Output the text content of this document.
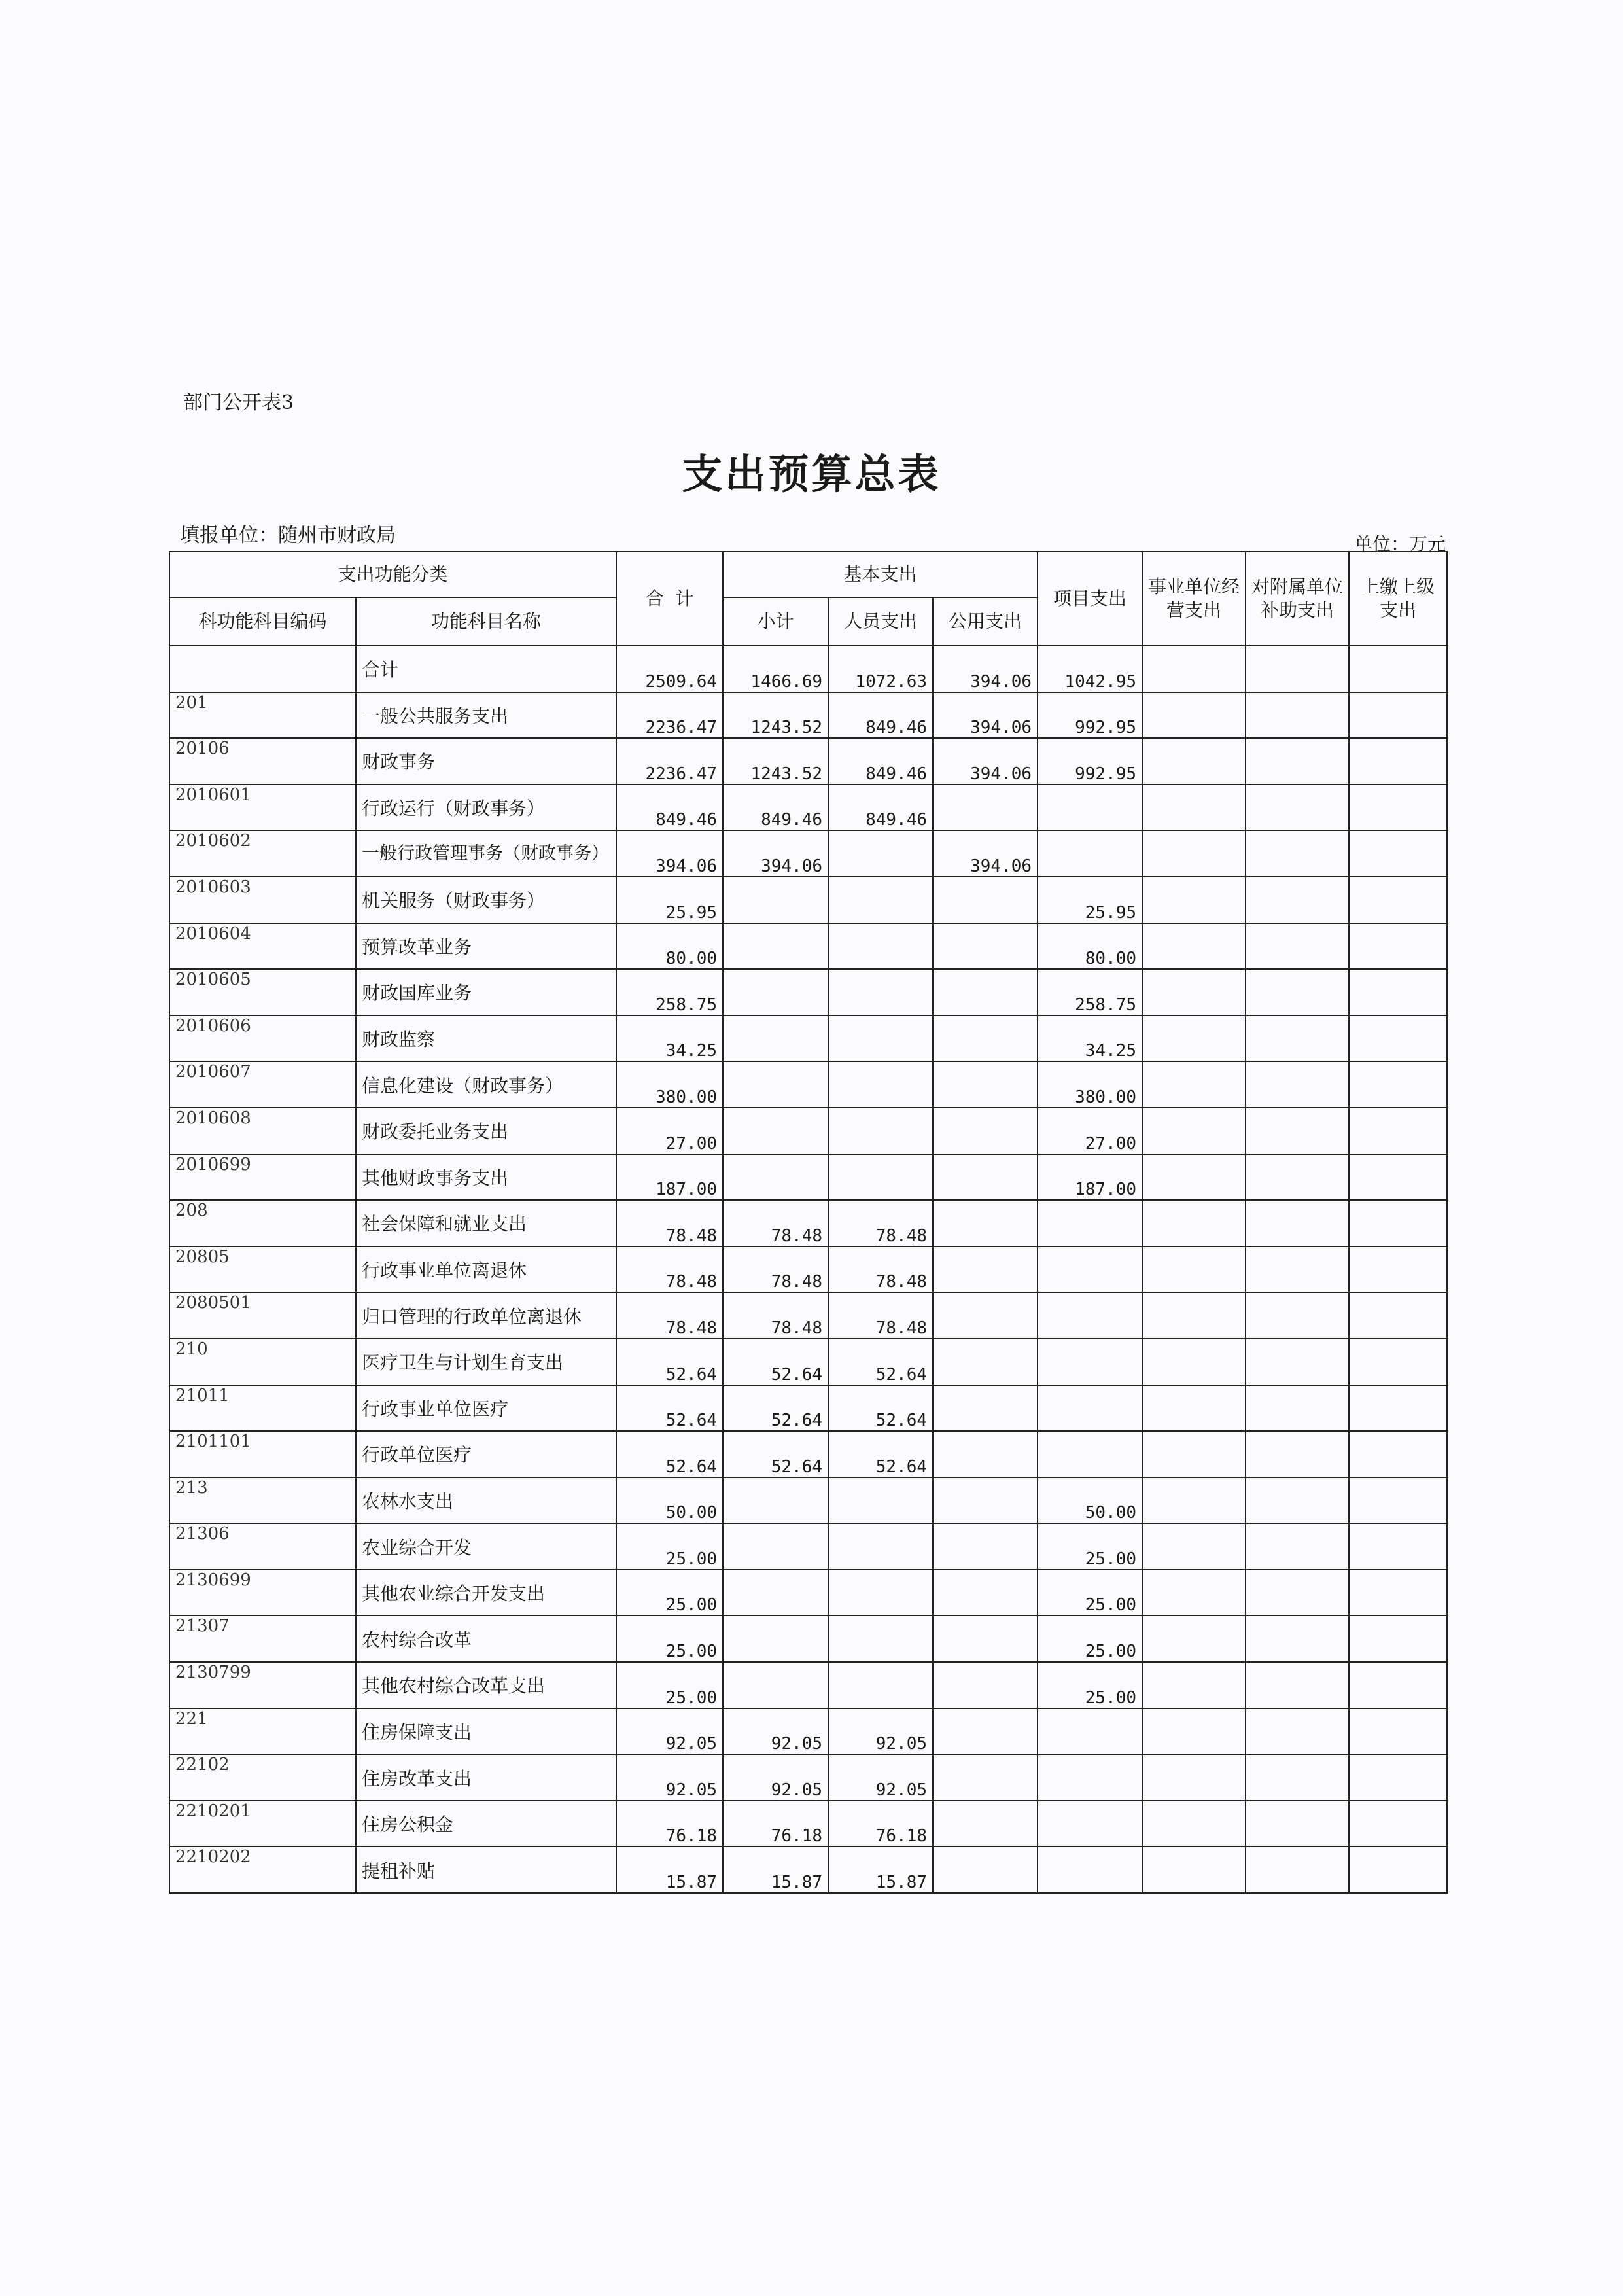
部门公开表3
支出预算总表
填报单位：随州市财政局	单位：万元
支出功能分类		合  计	基本支出			项目支出	事业单位经营支出	对附属单位补助支出	上缴上级支出
科功能科目编码	功能科目名称		小计	人员支出	公用支出				
	合计	2509.64	1466.69	1072.63	394.06	1042.95			
201	一般公共服务支出	2236.47	1243.52	849.46	394.06	992.95			
20106	财政事务	2236.47	1243.52	849.46	394.06	992.95			
2010601	行政运行（财政事务）	849.46	849.46	849.46					
2010602	一般行政管理事务（财政事务）	394.06	394.06		394.06				
2010603	机关服务（财政事务）	25.95				25.95			
2010604	预算改革业务	80.00				80.00			
2010605	财政国库业务	258.75				258.75			
2010606	财政监察	34.25				34.25			
2010607	信息化建设（财政事务）	380.00				380.00			
2010608	财政委托业务支出	27.00				27.00			
2010699	其他财政事务支出	187.00				187.00			
208	社会保障和就业支出	78.48	78.48	78.48					
20805	行政事业单位离退休	78.48	78.48	78.48					
2080501	归口管理的行政单位离退休	78.48	78.48	78.48					
210	医疗卫生与计划生育支出	52.64	52.64	52.64					
21011	行政事业单位医疗	52.64	52.64	52.64					
2101101	行政单位医疗	52.64	52.64	52.64					
213	农林水支出	50.00				50.00			
21306	农业综合开发	25.00				25.00			
2130699	其他农业综合开发支出	25.00				25.00			
21307	农村综合改革	25.00				25.00			
2130799	其他农村综合改革支出	25.00				25.00			
221	住房保障支出	92.05	92.05	92.05					
22102	住房改革支出	92.05	92.05	92.05					
2210201	住房公积金	76.18	76.18	76.18					
2210202	提租补贴	15.87	15.87	15.87					
